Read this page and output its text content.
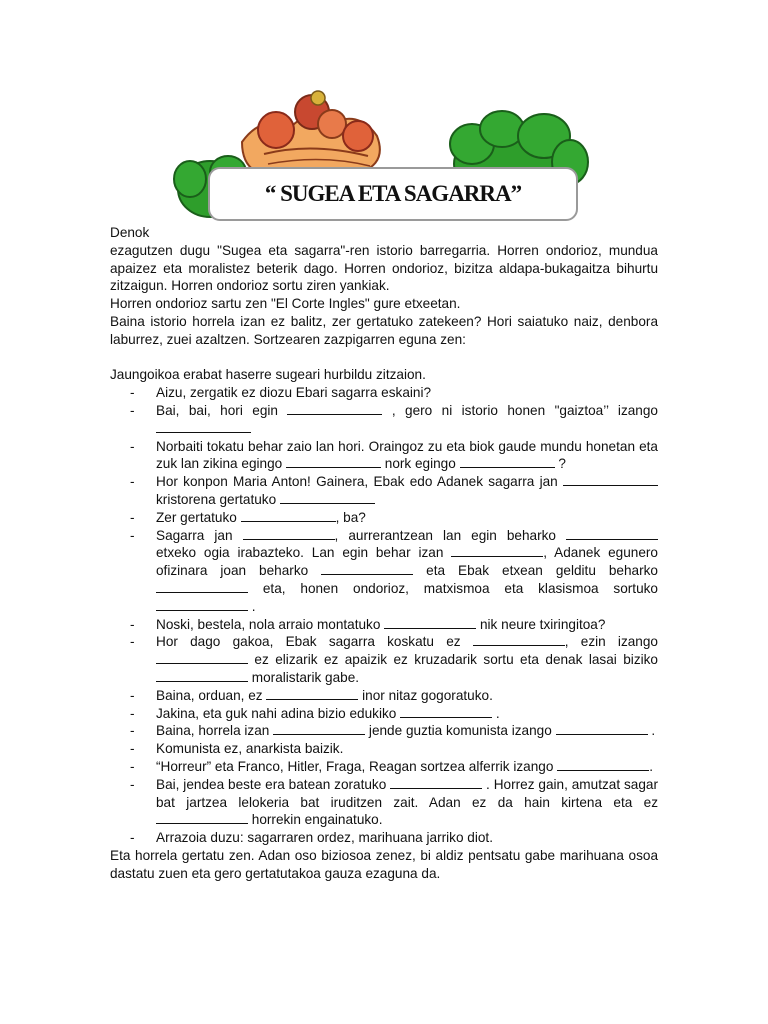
“ SUGEA ETA SAGARRA”

Denok
ezagutzen dugu "Sugea eta sagarra"-ren istorio barregarria. Horren ondorioz, mundua apaizez eta moralistez beterik dago. Horren ondorioz, bizitza aldapa-bukagaitza bihurtu zitzaigun. Horren ondorioz sortu ziren yankiak.
Horren ondorioz sartu zen "El Corte Ingles" gure etxeetan.
Baina istorio horrela izan ez balitz, zer gertatuko zatekeen? Hori saiatuko naiz, denbora laburrez, zuei azaltzen. Sortzearen zazpigarren eguna zen:

Jaungoikoa erabat haserre sugeari hurbildu zitzaion.

- Aizu, zergatik ez diozu Ebari sagarra eskaini?
- Bai, bai, hori egin	, gero ni istorio honen "gaiztoa’’ izango
- Norbaiti tokatu behar zaio lan hori. Oraingoz zu eta biok gaude mundu honetan eta zuk lan zikina egingo	nork egingo	?
- Hor konpon Maria Anton! Gainera, Ebak edo Adanek sagarra jan  kristorena gertatuko
- Zer gertatuko	, ba?
- Sagarra jan	, aurrerantzean lan egin beharko  etxeko ogia irabazteko. Lan egin behar izan	, Adanek egunero ofizinara joan beharko	eta Ebak etxean gelditu beharko  eta, honen ondorioz, matxismoa eta klasismoa sortuko  .
- Noski, bestela, nola arraio montatuko	nik neure txiringitoa?
- Hor dago gakoa, Ebak sagarra koskatu ez	, ezin izango  ez elizarik ez apaizik ez kruzadarik sortu eta denak lasai biziko  moralistarik gabe.
- Baina, orduan, ez	inor nitaz gogoratuko.
- Jakina, eta guk nahi adina bizio edukiko	.
- Baina, horrela izan	jende guztia komunista izango	.
- Komunista ez, anarkista baizik.
- “Horreur” eta Franco, Hitler, Fraga, Reagan sortzea alferrik izango	.
- Bai, jendea beste era batean zoratuko	. Horrez gain, amutzat sagar bat jartzea lelokeria bat iruditzen zait. Adan ez da hain kirtena eta ez  horrekin engainatuko.
- Arrazoia duzu: sagarraren ordez, marihuana jarriko diot.

Eta horrela gertatu zen. Adan oso biziosoa zenez, bi aldiz pentsatu gabe marihuana osoa dastatu zuen eta gero gertatutakoa gauza ezaguna da.
